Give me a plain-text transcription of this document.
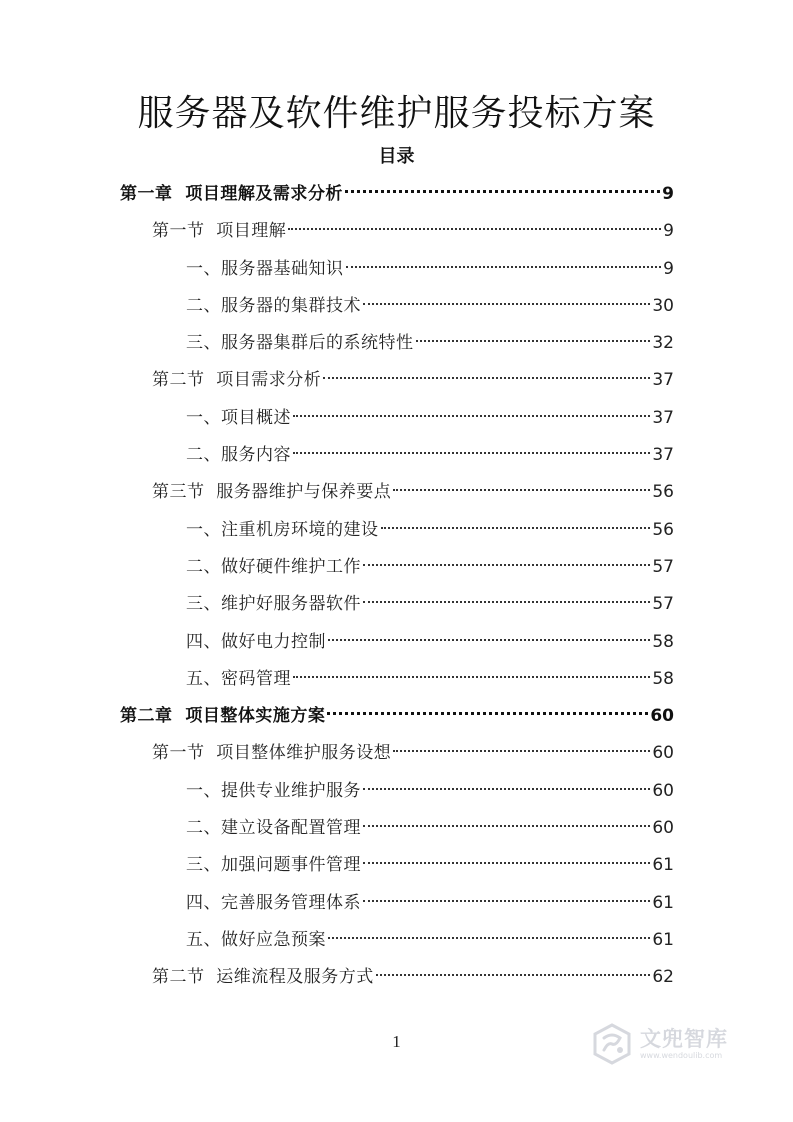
服务器及软件维护服务投标方案
目录
第一章  项目理解及需求分析	9
第一节  项目理解	9
一、服务器基础知识	9
二、服务器的集群技术	30
三、服务器集群后的系统特性	32
第二节  项目需求分析	37
一、项目概述	37
二、服务内容	37
第三节  服务器维护与保养要点	56
一、注重机房环境的建设	56
二、做好硬件维护工作	57
三、维护好服务器软件	57
四、做好电力控制	58
五、密码管理	58
第二章  项目整体实施方案	60
第一节  项目整体维护服务设想	60
一、提供专业维护服务	60
二、建立设备配置管理	60
三、加强问题事件管理	61
四、完善服务管理体系	61
五、做好应急预案	61
第二节  运维流程及服务方式	62
1	文兜智库
www.wendoulib.com
